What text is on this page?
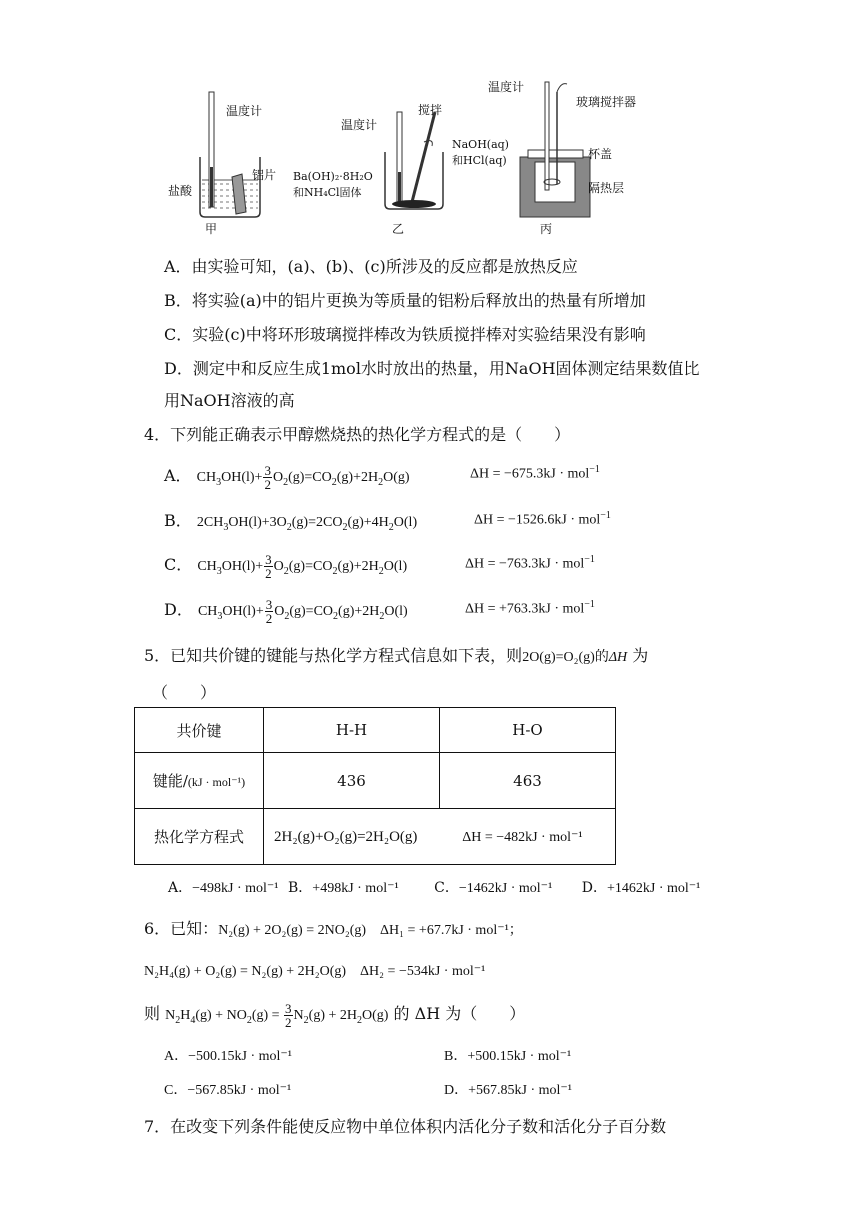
温度计
铝片
盐酸
甲
温度计
搅拌
Ba(OH)₂·8H₂O
和NH₄Cl固体
乙
温度计
玻璃搅拌器
NaOH(aq)
和HCl(aq)	杯盖
隔热层
丙
A．由实验可知，(a)、(b)、(c)所涉及的反应都是放热反应
B．将实验(a)中的铝片更换为等质量的铝粉后释放出的热量有所增加
C．实验(c)中将环形玻璃搅拌棒改为铁质搅拌棒对实验结果没有影响
D．测定中和反应生成1mol水时放出的热量，用NaOH固体测定结果数值比
用NaOH溶液的高
4．下列能正确表示甲醇燃烧热的热化学方程式的是（　　）
A． $CH_3OH(l)+ \frac{3}{2} O_2(g)=CO_2(g)+2H_2O(g)$	ΔH = −675.3kJ · mol$^{-1}$
B． $2CH_3OH(l)+3O_2(g)=2CO_2(g)+4H_2O(l)$	ΔH = −1526.6kJ · mol$^{-1}$
C． $CH_3OH(l)+ \frac{3}{2} O_2(g)=CO_2(g)+2H_2O(l)$	ΔH = −763.3kJ · mol$^{-1}$
D． $CH_3OH(l)+ \frac{3}{2} O_2(g)=CO_2(g)+2H_2O(l)$	ΔH = +763.3kJ · mol$^{-1}$
5．已知共价键的键能与热化学方程式信息如下表，则2O(g)=O₂(g)的ΔH 为
（　　）
共价键	H-H	H-O
键能/(kJ · mol⁻¹)	436	463
热化学方程式	2H₂(g)+O₂(g)=2H₂O(g) ΔH = −482kJ · mol⁻¹	
A．−498kJ · mol⁻¹ B．+498kJ · mol⁻¹	C．−1462kJ · mol⁻¹ D．+1462kJ · mol⁻¹
6．已知：N₂(g) + 2O₂(g) = 2NO₂(g)　ΔH₁ = +67.7kJ · mol⁻¹；
N₂H₄(g) + O₂(g) = N₂(g) + 2H₂O(g)　ΔH₂ = −534kJ · mol⁻¹
则 $N_2H_4(g) + NO_2(g) = \frac{3}{2} N_2(g) + 2H_2O(g)$ 的 ΔH 为（　　）
A．−500.15kJ · mol⁻¹	B．+500.15kJ · mol⁻¹
C．−567.85kJ · mol⁻¹	D．+567.85kJ · mol⁻¹
7．在改变下列条件能使反应物中单位体积内活化分子数和活化分子百分数
